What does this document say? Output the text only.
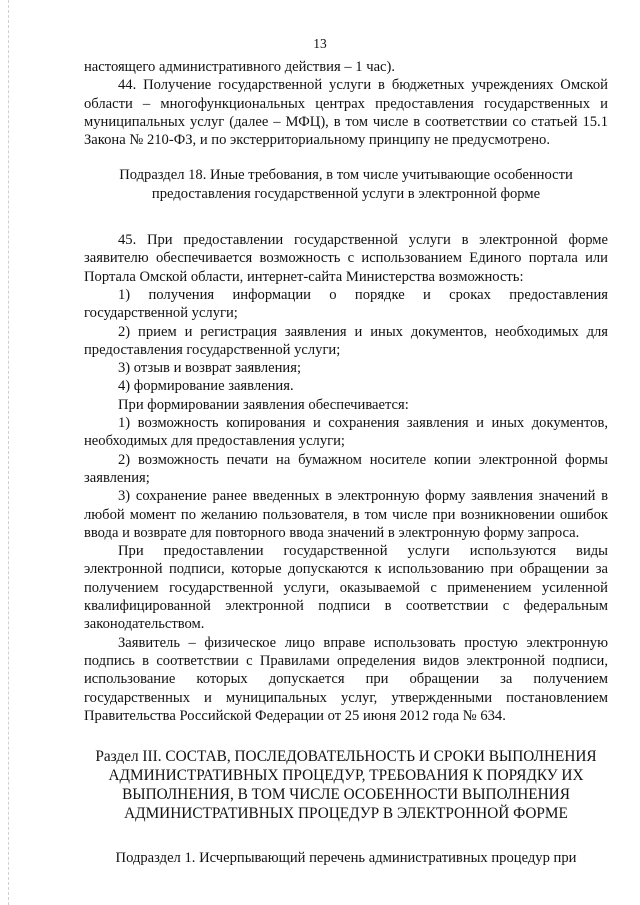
13

настоящего административного действия – 1 час).

44. Получение государственной услуги в бюджетных учреждениях Омской области – многофункциональных центрах предоставления государственных и муниципальных услуг (далее – МФЦ), в том числе в соответствии со статьей 15.1 Закона № 210-ФЗ, и по экстерриториальному принципу не предусмотрено.

Подраздел 18. Иные требования, в том числе учитывающие особенности предоставления государственной услуги в электронной форме

45. При предоставлении государственной услуги в электронной форме заявителю обеспечивается возможность с использованием Единого портала или Портала Омской области, интернет-сайта Министерства возможность:

1) получения информации о порядке и сроках предоставления государственной услуги;

2) прием и регистрация заявления и иных документов, необходимых для предоставления государственной услуги;

3) отзыв и возврат заявления;

4) формирование заявления.

При формировании заявления обеспечивается:

1) возможность копирования и сохранения заявления и иных документов, необходимых для предоставления услуги;

2) возможность печати на бумажном носителе копии электронной формы заявления;

3) сохранение ранее введенных в электронную форму заявления значений в любой момент по желанию пользователя, в том числе при возникновении ошибок ввода и возврате для повторного ввода значений в электронную форму запроса.

При предоставлении государственной услуги используются виды электронной подписи, которые допускаются к использованию при обращении за получением государственной услуги, оказываемой с применением усиленной квалифицированной электронной подписи в соответствии с федеральным законодательством.

Заявитель – физическое лицо вправе использовать простую электронную подпись в соответствии с Правилами определения видов электронной подписи, использование которых допускается при обращении за получением государственных и муниципальных услуг, утвержденными постановлением Правительства Российской Федерации от 25 июня 2012 года № 634.

Раздел III. СОСТАВ, ПОСЛЕДОВАТЕЛЬНОСТЬ И СРОКИ ВЫПОЛНЕНИЯ АДМИНИСТРАТИВНЫХ ПРОЦЕДУР, ТРЕБОВАНИЯ К ПОРЯДКУ ИХ ВЫПОЛНЕНИЯ, В ТОМ ЧИСЛЕ ОСОБЕННОСТИ ВЫПОЛНЕНИЯ АДМИНИСТРАТИВНЫХ ПРОЦЕДУР В ЭЛЕКТРОННОЙ ФОРМЕ

Подраздел 1. Исчерпывающий перечень административных процедур при
